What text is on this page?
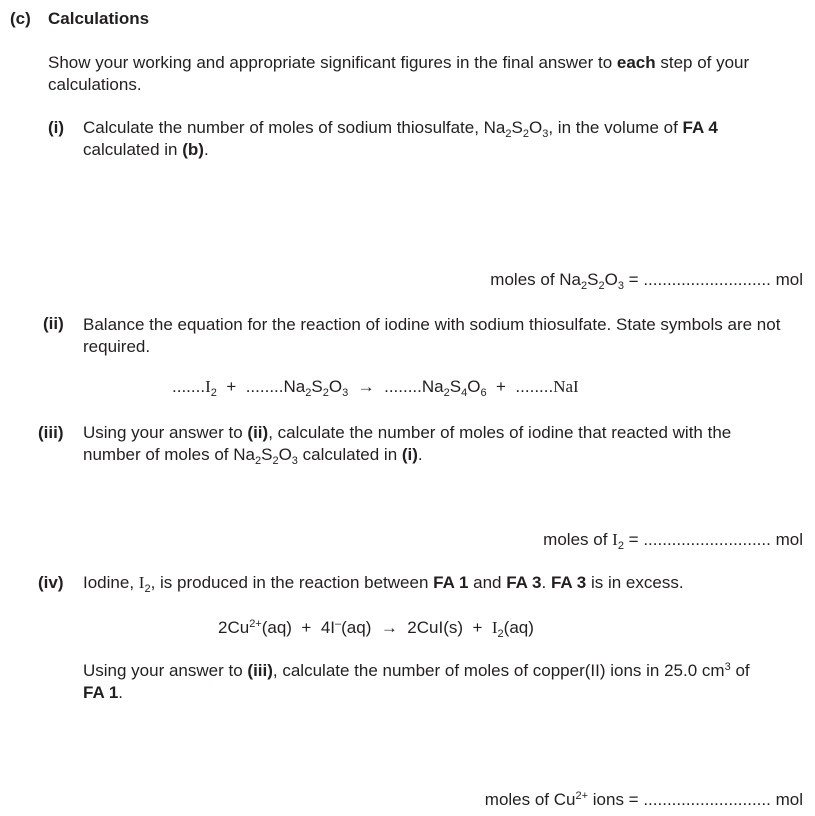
(c) Calculations
Show your working and appropriate significant figures in the final answer to each step of your calculations.
(i) Calculate the number of moles of sodium thiosulfate, $Na_2S_2O_3$, in the volume of FA 4
calculated in (b).
moles of $Na_2S_2O_3$ = ........................... mol
(ii) Balance the equation for the reaction of iodine with sodium thiosulfate. State symbols are not required.
$.......I_2 + ........Na_2S_2O_3 \to ........Na_2S_4O_6 + ........NaI$
(iii) Using your answer to (ii), calculate the number of moles of iodine that reacted with the
number of moles of $Na_2S_2O_3$ calculated in (i).
moles of $I_2$ = ........................... mol
(iv) Iodine, $I_2$, is produced in the reaction between FA 1 and FA 3. FA 3 is in excess.
$2Cu^{2+}(aq) + 4I^-(aq) \to 2CuI(s) + I_2(aq)$
Using your answer to (iii), calculate the number of moles of copper(II) ions in 25.0 $cm^3$ of
FA 1.
moles of $Cu^{2+}$ ions = ........................... mol
